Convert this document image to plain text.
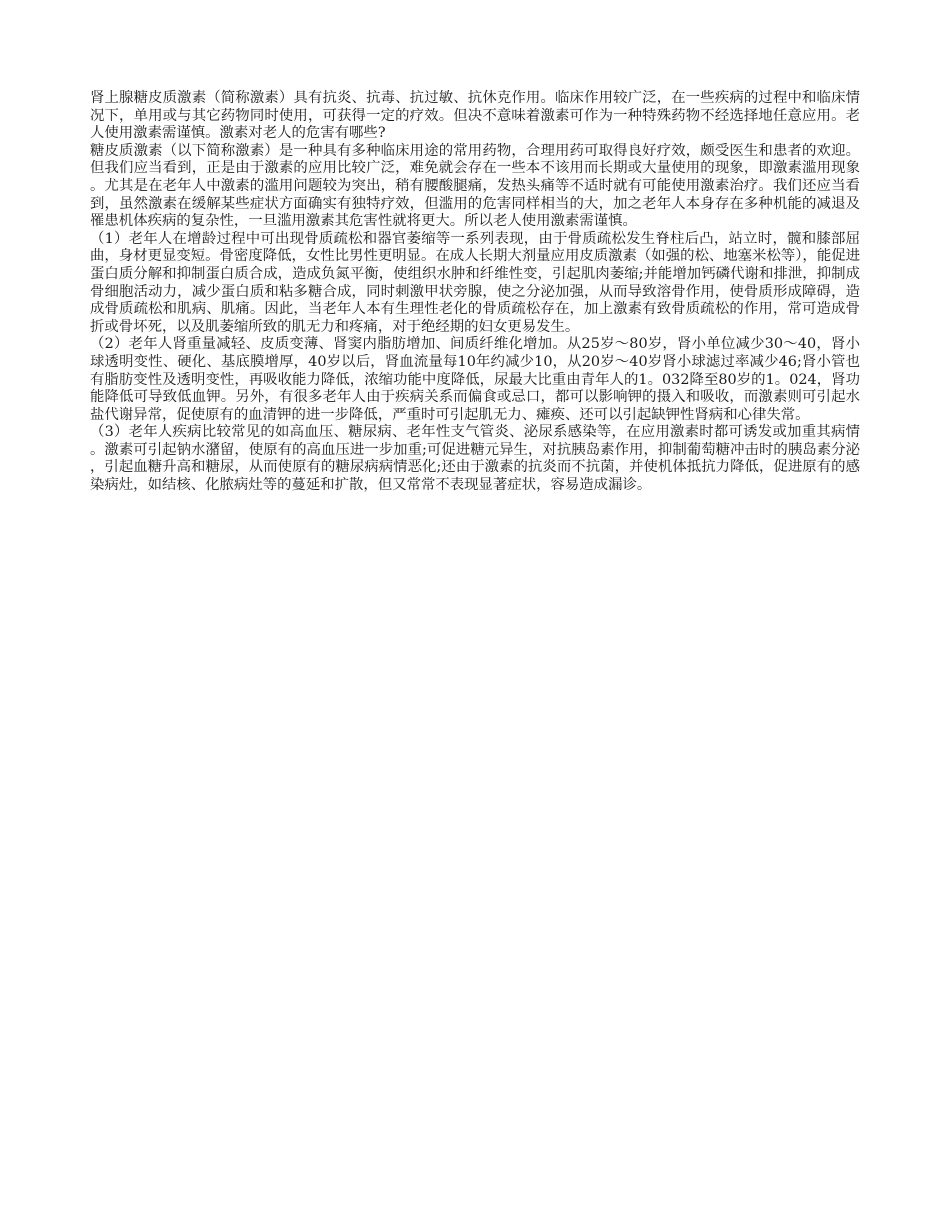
肾上腺糖皮质激素（简称激素）具有抗炎、抗毒、抗过敏、抗休克作用。临床作用较广泛，在一些疾病的过程中和临床情况下，单用或与其它药物同时使用，可获得一定的疗效。但决不意味着激素可作为一种特殊药物不经选择地任意应用。老人使用激素需谨慎。激素对老人的危害有哪些?

糖皮质激素（以下简称激素）是一种具有多种临床用途的常用药物，合理用药可取得良好疗效，颇受医生和患者的欢迎。但我们应当看到，正是由于激素的应用比较广泛，难免就会存在一些本不该用而长期或大量使用的现象，即激素滥用现象。尤其是在老年人中激素的滥用问题较为突出，稍有腰酸腿痛，发热头痛等不适时就有可能使用激素治疗。我们还应当看到，虽然激素在缓解某些症状方面确实有独特疗效，但滥用的危害同样相当的大，加之老年人本身存在多种机能的减退及罹患机体疾病的复杂性，一旦滥用激素其危害性就将更大。所以老人使用激素需谨慎。

（1）老年人在增龄过程中可出现骨质疏松和器官萎缩等一系列表现，由于骨质疏松发生脊柱后凸，站立时，髋和膝部屈曲，身材更显变短。骨密度降低，女性比男性更明显。在成人长期大剂量应用皮质激素（如强的松、地塞米松等），能促进蛋白质分解和抑制蛋白质合成，造成负氮平衡，使组织水肿和纤维性变，引起肌肉萎缩;并能增加钙磷代谢和排泄，抑制成骨细胞活动力，减少蛋白质和粘多糖合成，同时刺激甲状旁腺，使之分泌加强，从而导致溶骨作用，使骨质形成障碍，造成骨质疏松和肌病、肌痛。因此，当老年人本有生理性老化的骨质疏松存在，加上激素有致骨质疏松的作用，常可造成骨折或骨坏死，以及肌萎缩所致的肌无力和疼痛，对于绝经期的妇女更易发生。

（2）老年人肾重量减轻、皮质变薄、肾窦内脂肪增加、间质纤维化增加。从25岁～80岁，肾小单位减少30～40，肾小球透明变性、硬化、基底膜增厚，40岁以后，肾血流量每10年约减少10，从20岁～40岁肾小球滤过率减少46;肾小管也有脂肪变性及透明变性，再吸收能力降低，浓缩功能中度降低，尿最大比重由青年人的1。032降至80岁的1。024，肾功能降低可导致低血钾。另外，有很多老年人由于疾病关系而偏食或忌口，都可以影响钾的摄入和吸收，而激素则可引起水盐代谢异常，促使原有的血清钾的进一步降低，严重时可引起肌无力、瘫痪、还可以引起缺钾性肾病和心律失常。

（3）老年人疾病比较常见的如高血压、糖尿病、老年性支气管炎、泌尿系感染等，在应用激素时都可诱发或加重其病情。激素可引起钠水潴留，使原有的高血压进一步加重;可促进糖元异生，对抗胰岛素作用，抑制葡萄糖冲击时的胰岛素分泌，引起血糖升高和糖尿，从而使原有的糖尿病病情恶化;还由于激素的抗炎而不抗菌，并使机体抵抗力降低，促进原有的感染病灶，如结核、化脓病灶等的蔓延和扩散，但又常常不表现显著症状，容易造成漏诊。
